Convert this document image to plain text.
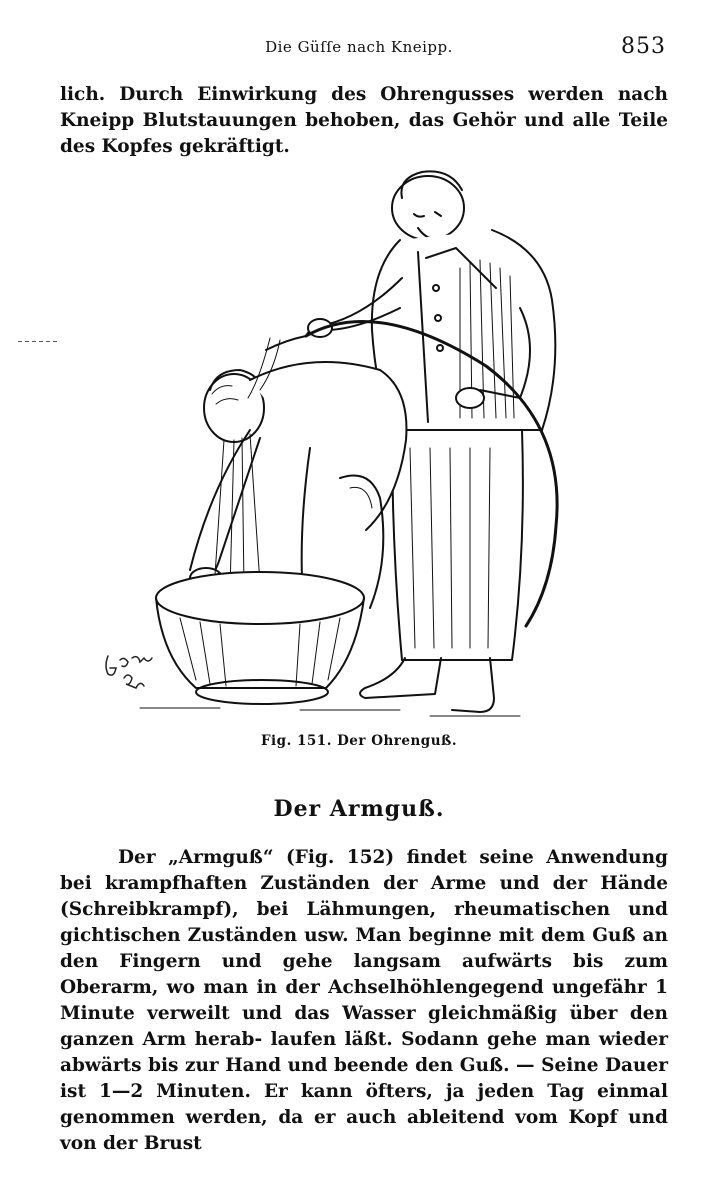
Die Güſſe nach Kneipp.	853
lich. Durch Einwirkung des Ohrengusses werden nach Kneipp Blutstauungen behoben, das Gehör und alle Teile des Kopfes gekräftigt.
Fig. 151. Der Ohrenguß.
Der Armguß.
Der „Armguß“ (Fig. 152) findet seine Anwendung bei krampfhaften Zuständen der Arme und der Hände (Schreibkrampf), bei Lähmungen, rheumatischen und gichtischen Zuständen usw. Man beginne mit dem Guß an den Fingern und gehe langsam aufwärts bis zum Oberarm, wo man in der Achselhöhlengegend ungefähr 1 Minute verweilt und das Wasser gleichmäßig über den ganzen Arm herab- laufen läßt. Sodann gehe man wieder abwärts bis zur Hand und beende den Guß. — Seine Dauer ist 1—2 Minuten. Er kann öfters, ja jeden Tag einmal genommen werden, da er auch ableitend vom Kopf und von der Brust
